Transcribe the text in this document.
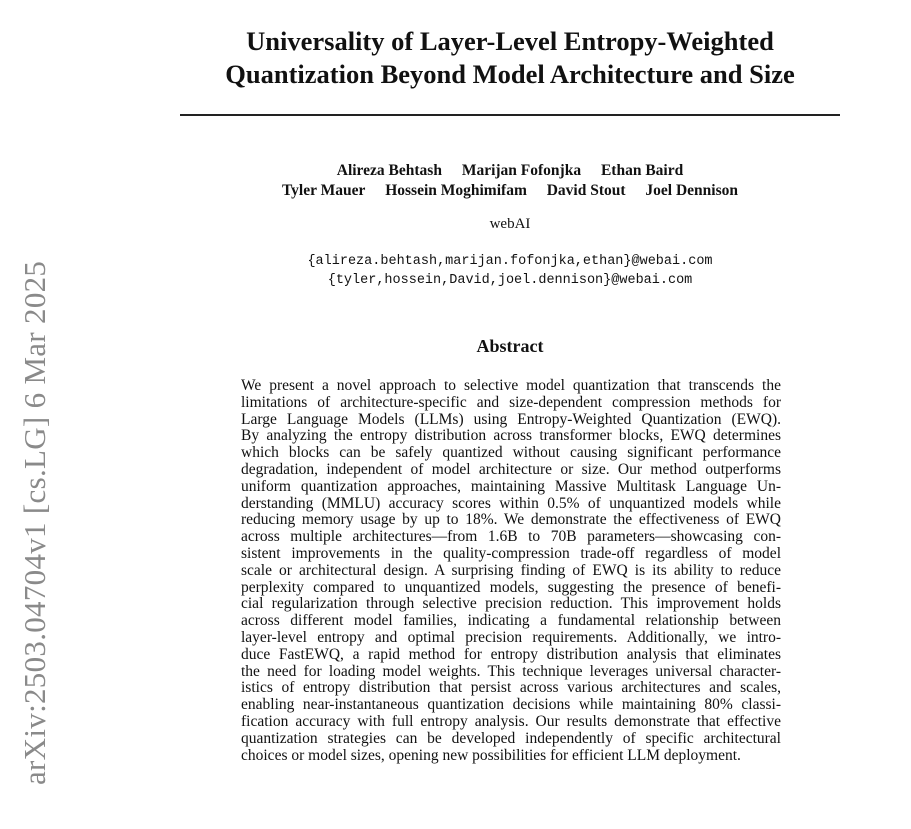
arXiv:2503.04704v1 [cs.LG] 6 Mar 2025
Universality of Layer-Level Entropy-Weighted
Quantization Beyond Model Architecture and Size
Alireza Behtash Marijan Fofonjka Ethan Baird
Tyler Mauer Hossein Moghimifam David Stout Joel Dennison
webAI
{alireza.behtash,marijan.fofonjka,ethan}@webai.com
{tyler,hossein,David,joel.dennison}@webai.com
Abstract
We present a novel approach to selective model quantization that transcends the
limitations of architecture-specific and size-dependent compression methods for
Large Language Models (LLMs) using Entropy-Weighted Quantization (EWQ).
By analyzing the entropy distribution across transformer blocks, EWQ determines
which blocks can be safely quantized without causing significant performance
degradation, independent of model architecture or size. Our method outperforms
uniform quantization approaches, maintaining Massive Multitask Language Un-
derstanding (MMLU) accuracy scores within 0.5% of unquantized models while
reducing memory usage by up to 18%. We demonstrate the effectiveness of EWQ
across multiple architectures—from 1.6B to 70B parameters—showcasing con-
sistent improvements in the quality-compression trade-off regardless of model
scale or architectural design. A surprising finding of EWQ is its ability to reduce
perplexity compared to unquantized models, suggesting the presence of benefi-
cial regularization through selective precision reduction. This improvement holds
across different model families, indicating a fundamental relationship between
layer-level entropy and optimal precision requirements. Additionally, we intro-
duce FastEWQ, a rapid method for entropy distribution analysis that eliminates
the need for loading model weights. This technique leverages universal character-
istics of entropy distribution that persist across various architectures and scales,
enabling near-instantaneous quantization decisions while maintaining 80% classi-
fication accuracy with full entropy analysis. Our results demonstrate that effective
quantization strategies can be developed independently of specific architectural
choices or model sizes, opening new possibilities for efficient LLM deployment.
